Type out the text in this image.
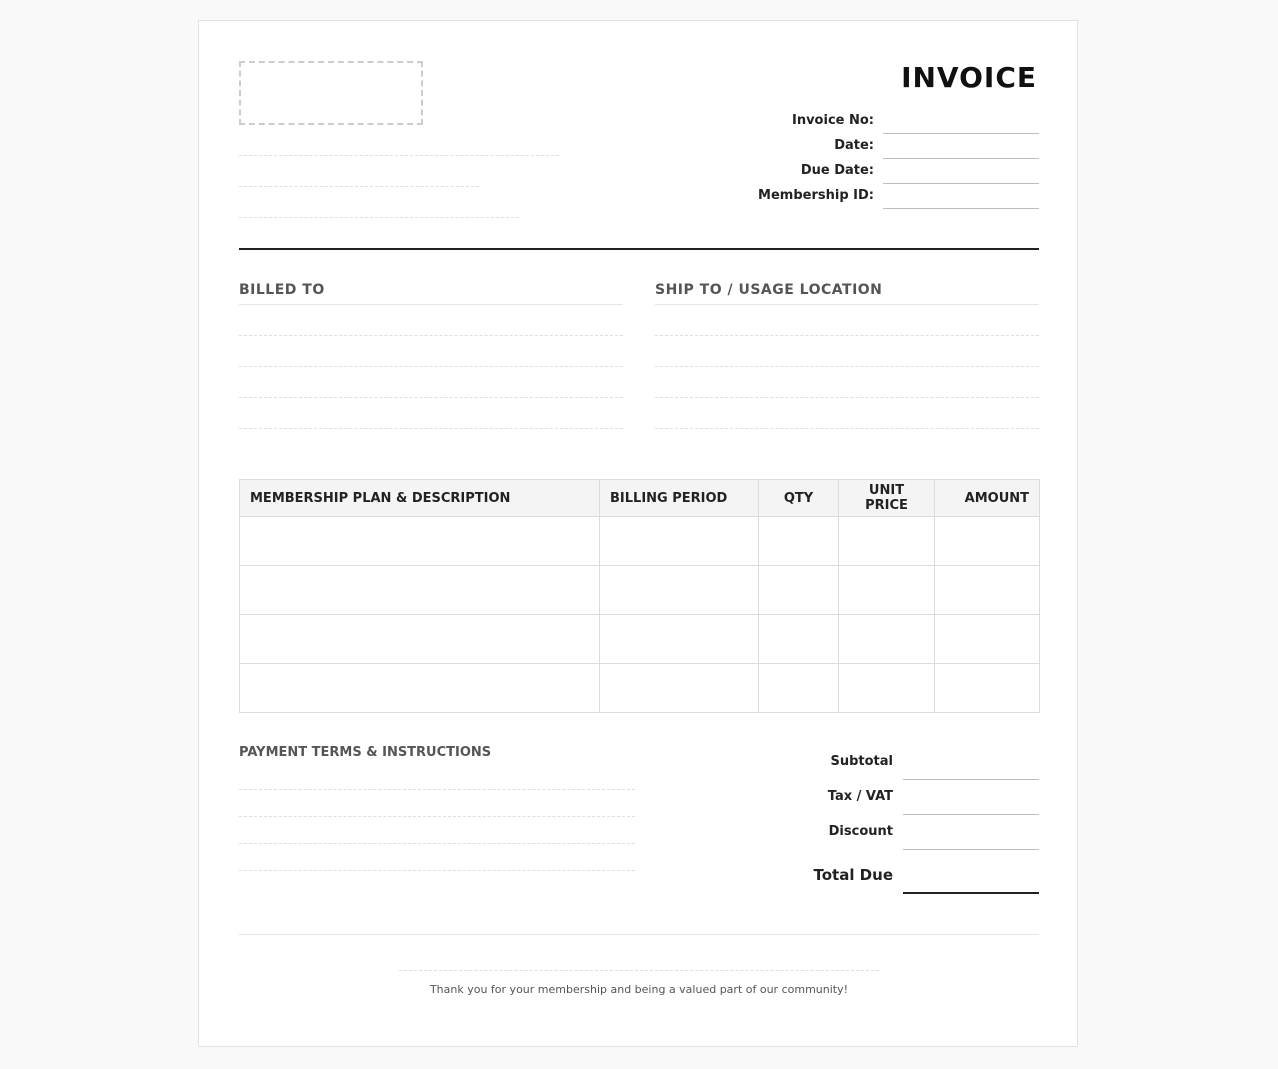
INVOICE
Invoice No:
Date:
Due Date:
Membership ID:
BILLED TO	SHIP TO / USAGE LOCATION
MEMBERSHIP PLAN & DESCRIPTION	BILLING PERIOD	QTY	UNIT PRICE	AMOUNT

PAYMENT TERMS & INSTRUCTIONS
Subtotal
Tax / VAT
Discount
Total Due
Thank you for your membership and being a valued part of our community!
